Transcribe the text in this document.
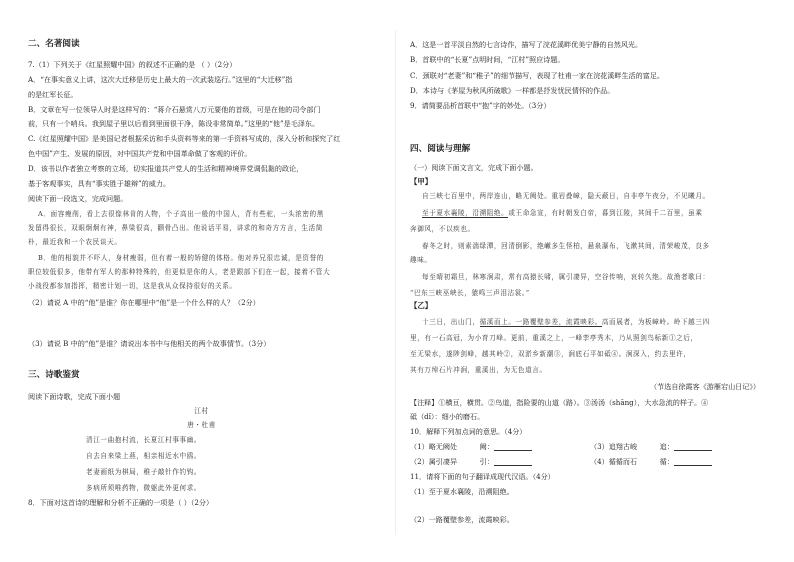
二、名著阅读
7.（1）下列关于《红星照耀中国》的叙述不正确的是 （ ）（2分）
A．“在事实意义上讲，这次大迁移是历史上最大的一次武装巡行。”这里的“大迁移”指
的是红军长征。
B．文章在写一位领导人时是这样写的：“蒋介石悬赏八万元要他的首级，可是在他的司令部门
前，只有一个哨兵。我到屋子里以后看到里面很干净，陈设非常简单。”这里的“他”是毛泽东。
C.《红星照耀中国》是美国记者根据采访和手头资料等来的第一手资料写成的，深入分析和探究了红
色中国”产生、发展的原因，对中国共产党和中国革命做了客观的评价。
D．该书以作者独立考察的立场，切实报道共产党人的生活和精神境界党调侃黏的政论，
基于客观事实，具有“事实胜于雄辩”的威力。
阅读下面一段选文，完成问题。
A．面容瘦削，看上去很像林肯的人物，个子高出一般的中国人，背有些驼，一头浓密的黑
发留得很长，双眼炯炯有神，鼻梁很高，颧骨凸出。他说话平易，讲求的和奇方方言，生活简
朴，最近我和一个农民谈天。
B．他的相貌并不吓人，身材瘦弱，但有着一般的矫健的体格。他对养兄很忠诚，是资誉的
职位较低很多，他带有军人的那种特殊的，但更似是你的人，老是跟部下们在一起，接着不管大
小战役都参加指挥，精密计划一切，这是我从众保持很好的关系。
（2）请说 A 中的“他”是谁？你在哪里中“他”是一个什么样的人？（2分）
（3）请说 B 中的“他”是谁？请说出本书中与他相关的两个故事情节。（3分）
三、诗歌鉴赏
阅读下面诗歌，完成下面小题
江村
唐・杜甫
清江一曲抱村流，长夏江村事事幽。
自去自来梁上燕，相亲相近水中鸥。
老妻画纸为棋局，稚子敲针作钓钩。
多病所须唯药物，微躯此外更何求。
8．下面对这首诗的理解和分析不正确的一项是（ ）（2分）
A．这是一首平淡自然的七言诗作，描写了浣花溪畔优美宁静的自然风光。
B．首联中的“长夏”点明时间，“江村”照应诗题。
C．颈联对“老妻”和“稚子”的细节描写，表现了杜甫一家在浣花溪畔生活的富足。
D．本诗与《茅屋为秋风所破歌》一样都是抒发忧民情怀的作品。
9．请简要品析首联中“抱”字的妙处。（3分）
四、阅读与理解
（一）阅读下面文言文，完成下面小题。
【甲】
自三峡七百里中，两岸连山，略无阙处。重岩叠嶂，隐天蔽日，自非亭午夜分，不见曦月。
至于夏水襄陵，沿溯阻绝。或王命急宣，有时朝发白帝，暮到江陵，其间千二百里，虽乘
奔御风，不以疾也。
春冬之时，则素湍绿潭，回清倒影，绝𪩘多生怪柏，悬泉瀑布，飞漱其间，清荣峻茂，良多
趣味。
每至晴初霜旦，林寒涧肃，常有高猿长啸，属引凄异，空谷传响，哀转久绝。故渔者歌曰：
“巴东三峡巫峡长，猿鸣三声泪沾裳。”
【乙】
十三日，出山门，循溪而上。一路覆壁参差，流霞映彩。高而展者，为板嶂岭。岭下越三四
里，有一石高冠，为小育刀峰。更前，重溪之上，一峰孪亭秀木，乃从照剑鸟标新①之后，
至无梁水，遂陟剑峰，越其岭②，双淤乡新潮③，涧底石平如砥④。涧深入，约去里许，
其有万绰石片冲涧，重溪出，为无色道言。
（节选自徐霞客《游雁宕山日记》）
【注释】①横亘，横贯。②鸟道，指险要的山道（路）。③汤汤（shāng），大水急流的样子。④
砥（dǐ）：细小的磨石。
10．解释下列加点词的意思。（4分）
（1）略无阙处	阙：	（3）追翔古峻	追：
（2）属引凄异	引：	（4）循循而石	循：
11．请将下面的句子翻译成现代汉语。（4分）
（1）至于夏水襄陵，沿溯阻绝。
（2）一路覆壁参差，流霞映彩。
